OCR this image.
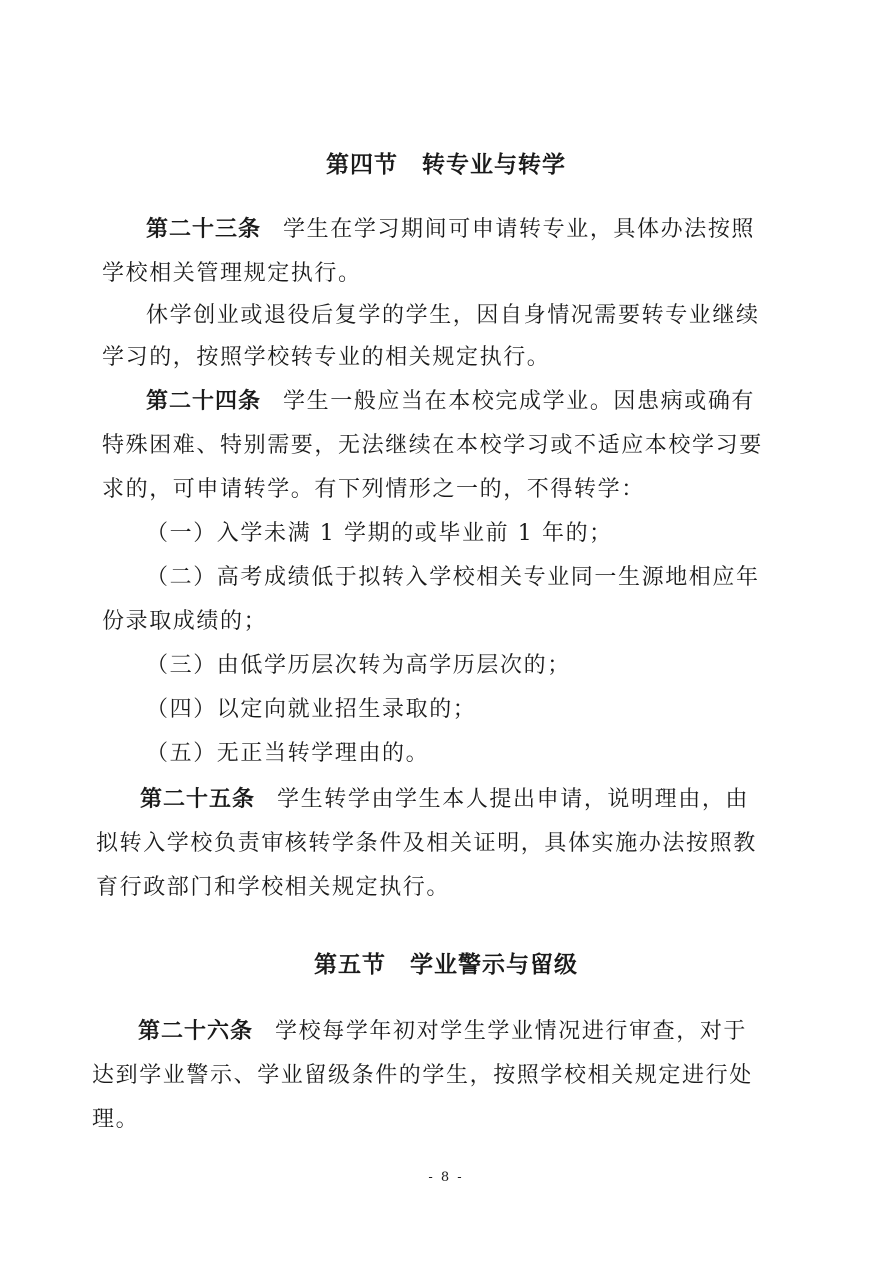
第四节　转专业与转学
第二十三条 学生在学习期间可申请转专业，具体办法按照
学校相关管理规定执行。
休学创业或退役后复学的学生，因自身情况需要转专业继续
学习的，按照学校转专业的相关规定执行。
第二十四条 学生一般应当在本校完成学业。因患病或确有
特殊困难、特别需要，无法继续在本校学习或不适应本校学习要
求的，可申请转学。有下列情形之一的，不得转学：
（一）入学未满 1 学期的或毕业前 1 年的；
（二）高考成绩低于拟转入学校相关专业同一生源地相应年
份录取成绩的；
（三）由低学历层次转为高学历层次的；
（四）以定向就业招生录取的；
（五）无正当转学理由的。
第二十五条 学生转学由学生本人提出申请，说明理由，由
拟转入学校负责审核转学条件及相关证明，具体实施办法按照教
育行政部门和学校相关规定执行。
第五节　学业警示与留级
第二十六条 学校每学年初对学生学业情况进行审查，对于
达到学业警示、学业留级条件的学生，按照学校相关规定进行处
理。
- 8 -
